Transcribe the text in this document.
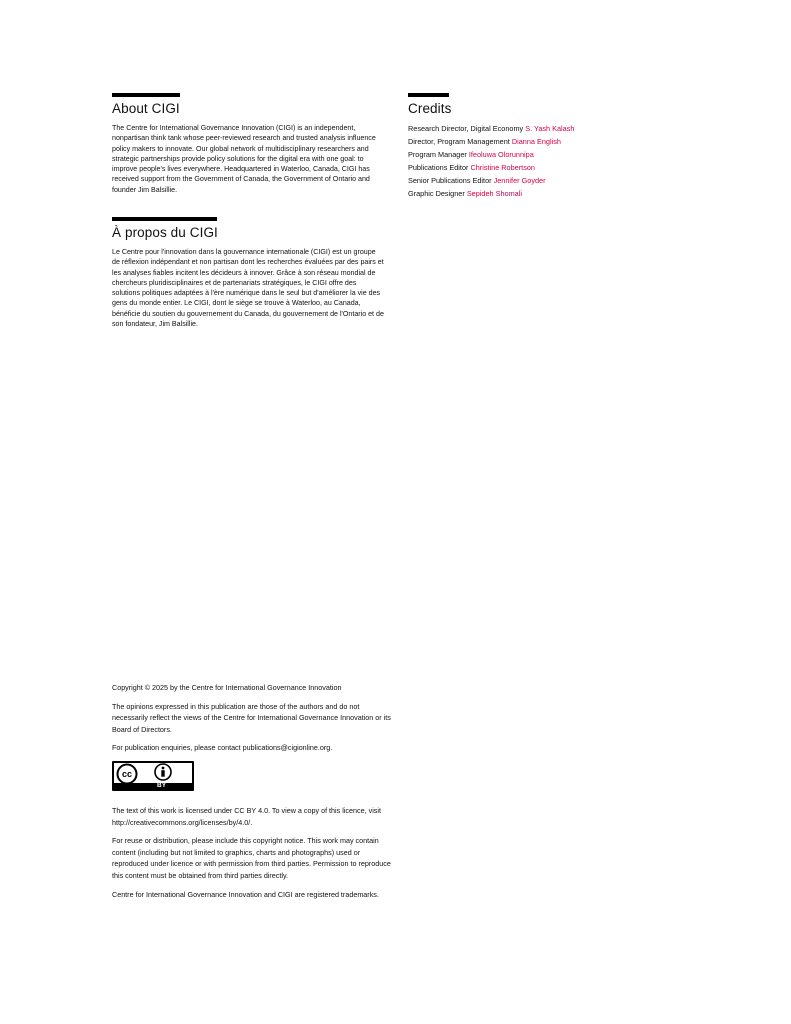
About CIGI

The Centre for International Governance Innovation (CIGI) is an independent, nonpartisan think tank whose peer-reviewed research and trusted analysis influence policy makers to innovate. Our global network of multidisciplinary researchers and strategic partnerships provide policy solutions for the digital era with one goal: to improve people's lives everywhere. Headquartered in Waterloo, Canada, CIGI has received support from the Government of Canada, the Government of Ontario and founder Jim Balsillie.

À propos du CIGI

Le Centre pour l'innovation dans la gouvernance internationale (CIGI) est un groupe de réflexion indépendant et non partisan dont les recherches évaluées par des pairs et les analyses fiables incitent les décideurs à innover. Grâce à son réseau mondial de chercheurs pluridisciplinaires et de partenariats stratégiques, le CIGI offre des solutions politiques adaptées à l'ère numérique dans le seul but d'améliorer la vie des gens du monde entier. Le CIGI, dont le siège se trouve à Waterloo, au Canada, bénéficie du soutien du gouvernement du Canada, du gouvernement de l'Ontario et de son fondateur, Jim Balsillie.

Credits
Research Director, Digital Economy S. Yash Kalash
Director, Program Management Dianna English
Program Manager Ifeoluwa Olorunnipa
Publications Editor Christine Robertson
Senior Publications Editor Jennifer Goyder
Graphic Designer Sepideh Shomali

Copyright © 2025 by the Centre for International Governance Innovation

The opinions expressed in this publication are those of the authors and do not necessarily reflect the views of the Centre for International Governance Innovation or its Board of Directors.

For publication enquiries, please contact publications@cigionline.org.

cc
BY

The text of this work is licensed under CC BY 4.0. To view a copy of this licence, visit http://creativecommons.org/licenses/by/4.0/.

For reuse or distribution, please include this copyright notice. This work may contain content (including but not limited to graphics, charts and photographs) used or reproduced under licence or with permission from third parties. Permission to reproduce this content must be obtained from third parties directly.

Centre for International Governance Innovation and CIGI are registered trademarks.
